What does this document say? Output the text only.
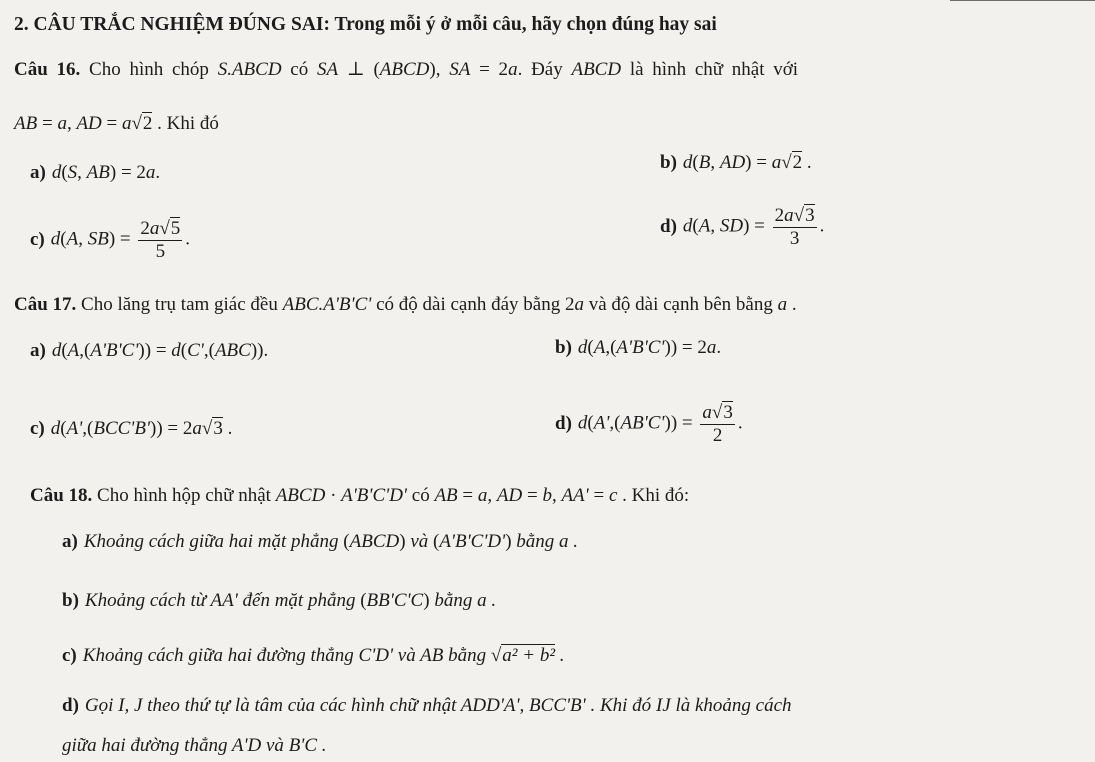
2. CÂU TRẮC NGHIỆM ĐÚNG SAI: Trong mỗi ý ở mỗi câu, hãy chọn đúng hay sai
Câu 16. Cho hình chóp S.ABCD có SA ⊥ (ABCD), SA = 2a. Đáy ABCD là hình chữ nhật với
AB = a, AD = a√2 . Khi đó
a) d(S, AB) = 2a.	b) d(B, AD) = a√2 .
c) d(A, $SB) = \frac{2a√5}{5}$ .
d) d(A, $SD) = \frac{2a√3}{3}$ .
Câu 17. Cho lăng trụ tam giác đều ABC.A'B'C' có độ dài cạnh đáy bằng 2a và độ dài cạnh bên bằng a .
a) d(A,(A'B'C')) = d(C',(ABC)).	b) d(A,(A'B'C')) = 2a.
c) d(A',(BCC'B')) = 2a√3 .	d) $d(A',(AB'C')) = \frac{a√3}{2}$ .
Câu 18. Cho hình hộp chữ nhật ABCD · A'B'C'D' có AB = a, AD = b, AA' = c . Khi đó:
a) Khoảng cách giữa hai mặt phẳng (ABCD) và (A'B'C'D') bằng a .
b) Khoảng cách từ AA' đến mặt phẳng (BB'C'C) bằng a .
c) Khoảng cách giữa hai đường thẳng C'D' và AB bằng √a² + b² .
d) Gọi I, J theo thứ tự là tâm của các hình chữ nhật ADD'A', BCC'B' . Khi đó IJ là khoảng cách
giữa hai đường thẳng A'D và B'C .
